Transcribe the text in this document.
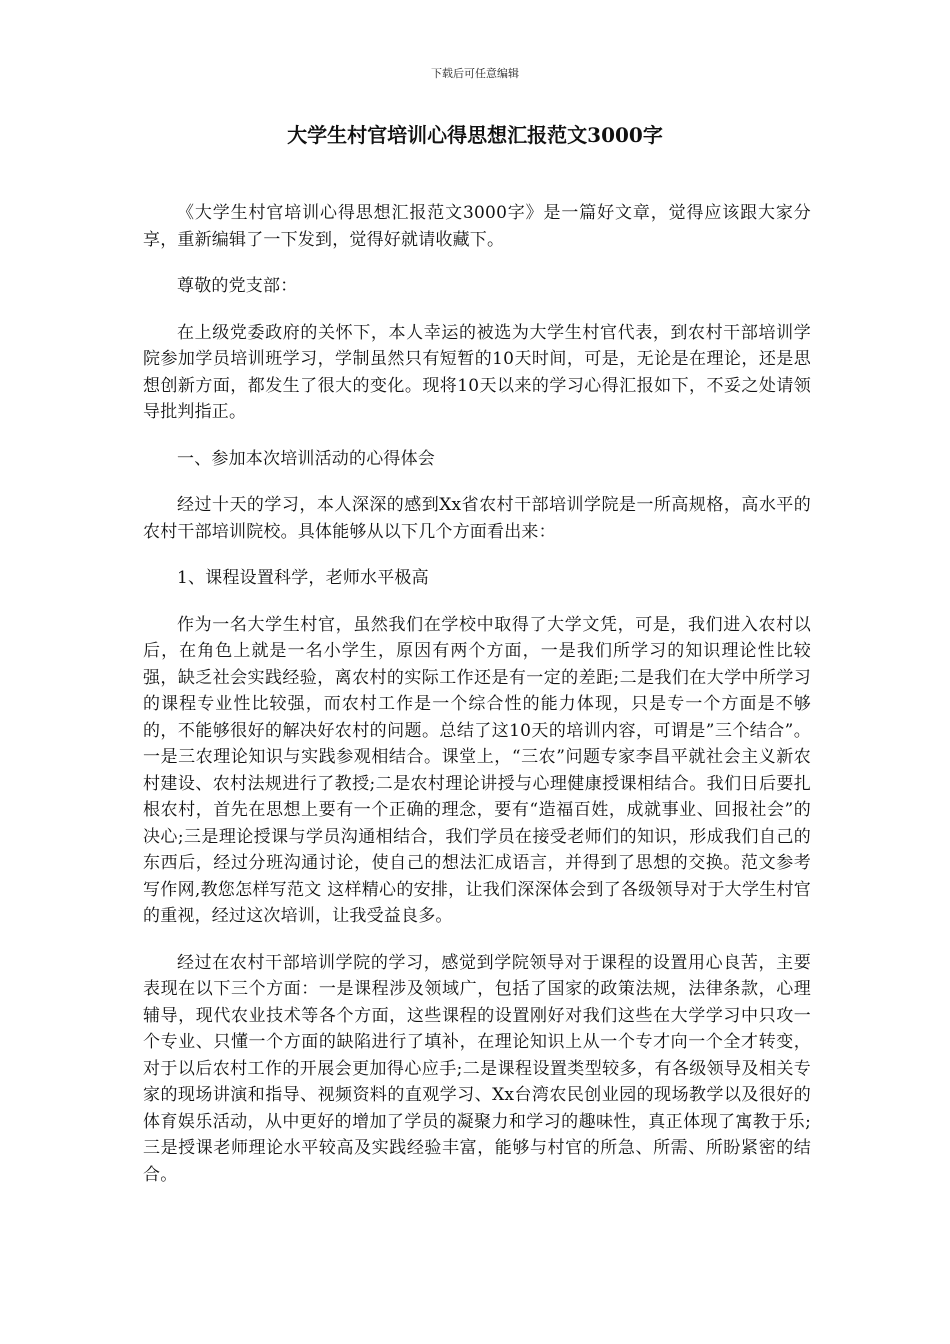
下载后可任意编辑
大学生村官培训心得思想汇报范文3000字

《大学生村官培训心得思想汇报范文3000字》是一篇好文章，觉得应该跟大家分享，重新编辑了一下发到，觉得好就请收藏下。

尊敬的党支部：

在上级党委政府的关怀下，本人幸运的被选为大学生村官代表，到农村干部培训学院参加学员培训班学习，学制虽然只有短暂的10天时间，可是，无论是在理论，还是思想创新方面，都发生了很大的变化。现将10天以来的学习心得汇报如下，不妥之处请领导批判指正。

一、参加本次培训活动的心得体会

经过十天的学习，本人深深的感到Xx省农村干部培训学院是一所高规格，高水平的农村干部培训院校。具体能够从以下几个方面看出来：

1、课程设置科学，老师水平极高

作为一名大学生村官，虽然我们在学校中取得了大学文凭，可是，我们进入农村以后，在角色上就是一名小学生，原因有两个方面，一是我们所学习的知识理论性比较强，缺乏社会实践经验，离农村的实际工作还是有一定的差距;二是我们在大学中所学习的课程专业性比较强，而农村工作是一个综合性的能力体现，只是专一个方面是不够的，不能够很好的解决好农村的问题。总结了这10天的培训内容，可谓是”三个结合”。一是三农理论知识与实践参观相结合。课堂上，“三农”问题专家李昌平就社会主义新农村建设、农村法规进行了教授;二是农村理论讲授与心理健康授课相结合。我们日后要扎根农村，首先在思想上要有一个正确的理念，要有“造福百姓，成就事业、回报社会”的决心;三是理论授课与学员沟通相结合，我们学员在接受老师们的知识，形成我们自己的东西后，经过分班沟通讨论，使自己的想法汇成语言，并得到了思想的交换。范文参考写作网,教您怎样写范文 这样精心的安排，让我们深深体会到了各级领导对于大学生村官的重视，经过这次培训，让我受益良多。

经过在农村干部培训学院的学习，感觉到学院领导对于课程的设置用心良苦，主要表现在以下三个方面：一是课程涉及领域广，包括了国家的政策法规，法律条款，心理辅导，现代农业技术等各个方面，这些课程的设置刚好对我们这些在大学学习中只攻一个专业、只懂一个方面的缺陷进行了填补，在理论知识上从一个专才向一个全才转变，对于以后农村工作的开展会更加得心应手;二是课程设置类型较多，有各级领导及相关专家的现场讲演和指导、视频资料的直观学习、Xx台湾农民创业园的现场教学以及很好的体育娱乐活动，从中更好的增加了学员的凝聚力和学习的趣味性，真正体现了寓教于乐;三是授课老师理论水平较高及实践经验丰富，能够与村官的所急、所需、所盼紧密的结合。
